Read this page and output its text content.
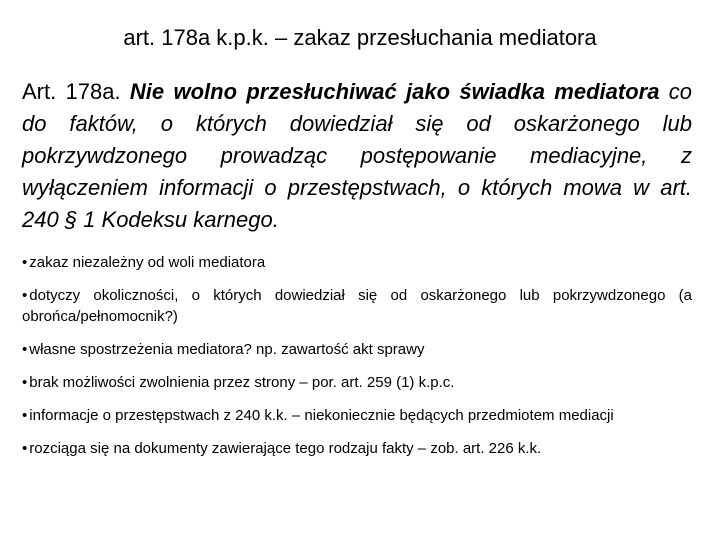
art. 178a k.p.k. – zakaz przesłuchania mediatora
Art. 178a. Nie wolno przesłuchiwać jako świadka mediatora co do faktów, o których dowiedział się od oskarżonego lub pokrzywdzonego prowadząc postępowanie mediacyjne, z wyłączeniem informacji o przestępstwach, o których mowa w art. 240 § 1 Kodeksu karnego.
• zakaz niezależny od woli mediatora
• dotyczy okoliczności, o których dowiedział się od oskarżonego lub pokrzywdzonego (a obrońca/pełnomocnik?)
• własne spostrzeżenia mediatora? np. zawartość akt sprawy
• brak możliwości zwolnienia przez strony – por. art. 259 (1) k.p.c.
• informacje o przestępstwach z 240 k.k. – niekoniecznie będących przedmiotem mediacji
• rozciąga się na dokumenty zawierające tego rodzaju fakty – zob. art. 226 k.k.
